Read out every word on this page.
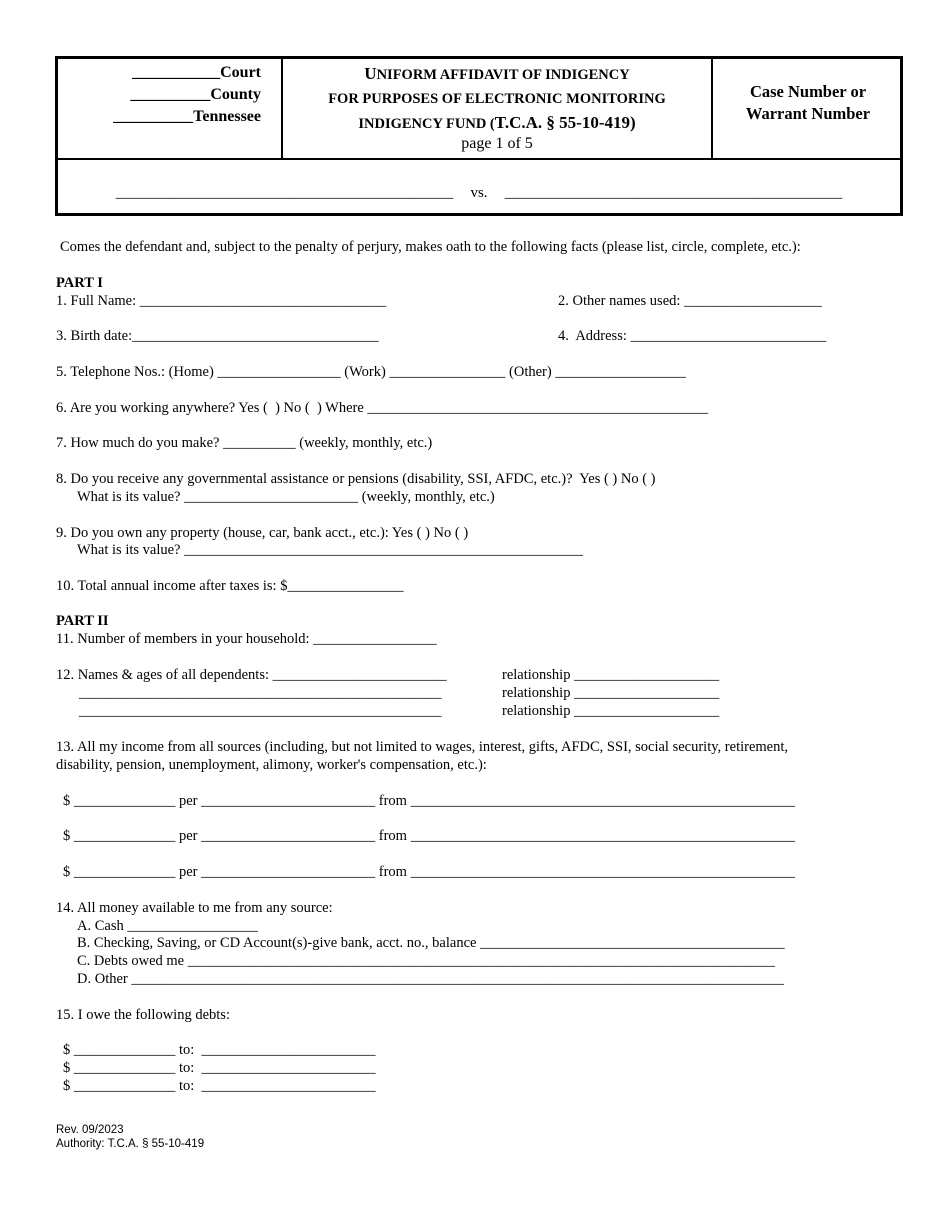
___________Court
__________County
__________Tennessee
UNIFORM AFFIDAVIT OF INDIGENCY
FOR PURPOSES OF ELECTRONIC MONITORING
INDIGENCY FUND (T.C.A. § 55-10-419)
page 1 of 5
Case Number or
Warrant Number
_____________________________________________ vs. _____________________________________________
Comes the defendant and, subject to the penalty of perjury, makes oath to the following facts (please list, circle, complete, etc.):
PART I
1. Full Name: __________________________________	2. Other names used: ___________________
3. Birth date:__________________________________	4.  Address: ___________________________
5. Telephone Nos.: (Home) _________________ (Work) ________________ (Other) __________________
6. Are you working anywhere? Yes (  ) No (  ) Where _______________________________________________
7. How much do you make? __________ (weekly, monthly, etc.)
8. Do you receive any governmental assistance or pensions (disability, SSI, AFDC, etc.)?  Yes ( ) No ( )
What is its value? ________________________ (weekly, monthly, etc.)
9. Do you own any property (house, car, bank acct., etc.): Yes ( ) No ( )
What is its value? _______________________________________________________
10. Total annual income after taxes is: $________________
PART II
11. Number of members in your household: _________________
12. Names & ages of all dependents: ________________________
__________________________________________________
__________________________________________________
relationship ____________________
relationship ____________________
relationship ____________________
13. All my income from all sources (including, but not limited to wages, interest, gifts, AFDC, SSI, social security, retirement,
disability, pension, unemployment, alimony, worker's compensation, etc.):
$ ______________ per ________________________ from _____________________________________________________
$ ______________ per ________________________ from _____________________________________________________
$ ______________ per ________________________ from _____________________________________________________
14. All money available to me from any source:
A. Cash __________________
B. Checking, Saving, or CD Account(s)-give bank, acct. no., balance __________________________________________
C. Debts owed me _________________________________________________________________________________
D. Other __________________________________________________________________________________________
15. I owe the following debts:
$ ______________ to:  ________________________
$ ______________ to:  ________________________
$ ______________ to:  ________________________
Rev. 09/2023
Authority: T.C.A. § 55-10-419
